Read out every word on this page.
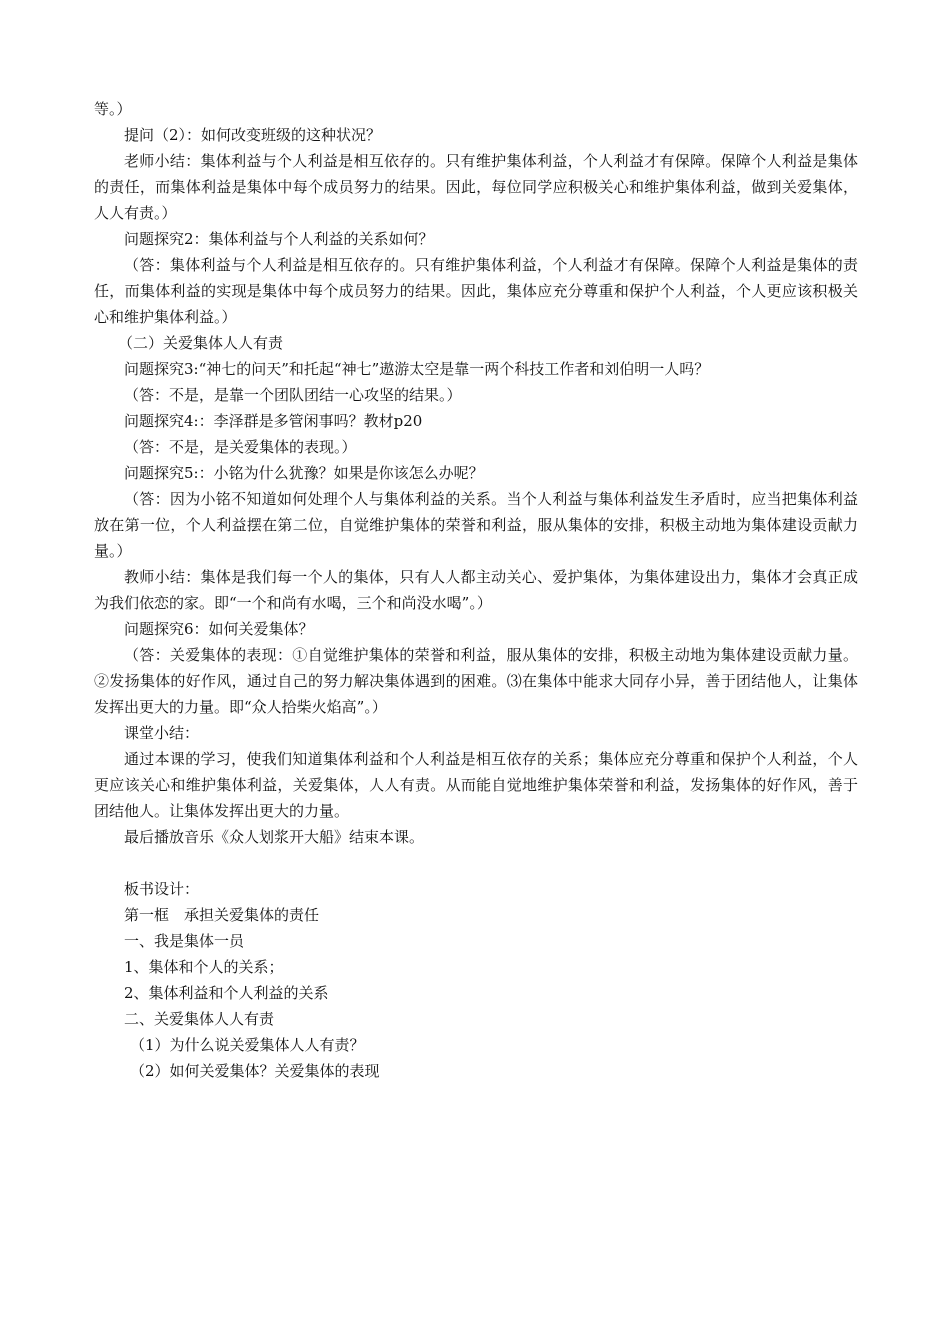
等。）

提问（2）：如何改变班级的这种状况？

老师小结：集体利益与个人利益是相互依存的。只有维护集体利益，个人利益才有保障。保障个人利益是集体的责任，而集体利益是集体中每个成员努力的结果。因此，每位同学应积极关心和维护集体利益，做到关爱集体，人人有责。）

问题探究2：集体利益与个人利益的关系如何？

（答：集体利益与个人利益是相互依存的。只有维护集体利益，个人利益才有保障。保障个人利益是集体的责任，而集体利益的实现是集体中每个成员努力的结果。因此，集体应充分尊重和保护个人利益，个人更应该积极关心和维护集体利益。）

（二）关爱集体人人有责

问题探究3:“神七的问天”和托起“神七”遨游太空是靠一两个科技工作者和刘伯明一人吗？

（答：不是，是靠一个团队团结一心攻坚的结果。）

问题探究4:：李泽群是多管闲事吗？教材p20

（答：不是，是关爱集体的表现。）

问题探究5:：小铭为什么犹豫？如果是你该怎么办呢？

（答：因为小铭不知道如何处理个人与集体利益的关系。当个人利益与集体利益发生矛盾时，应当把集体利益放在第一位，个人利益摆在第二位，自觉维护集体的荣誉和利益，服从集体的安排，积极主动地为集体建设贡献力量。）

教师小结：集体是我们每一个人的集体，只有人人都主动关心、爱护集体，为集体建设出力，集体才会真正成为我们依恋的家。即“一个和尚有水喝，三个和尚没水喝”。）

问题探究6：如何关爱集体？

（答：关爱集体的表现：①自觉维护集体的荣誉和利益，服从集体的安排，积极主动地为集体建设贡献力量。②发扬集体的好作风，通过自己的努力解决集体遇到的困难。⑶在集体中能求大同存小异，善于团结他人，让集体发挥出更大的力量。即“众人拾柴火焰高”。）

课堂小结：

通过本课的学习，使我们知道集体利益和个人利益是相互依存的关系；集体应充分尊重和保护个人利益，个人更应该关心和维护集体利益，关爱集体，人人有责。从而能自觉地维护集体荣誉和利益，发扬集体的好作风，善于团结他人。让集体发挥出更大的力量。

最后播放音乐《众人划浆开大船》结束本课。

板书设计：

第一框　承担关爱集体的责任

一、我是集体一员

1、集体和个人的关系；

2、集体利益和个人利益的关系

二、关爱集体人人有责

（1）为什么说关爱集体人人有责？

（2）如何关爱集体？关爱集体的表现
